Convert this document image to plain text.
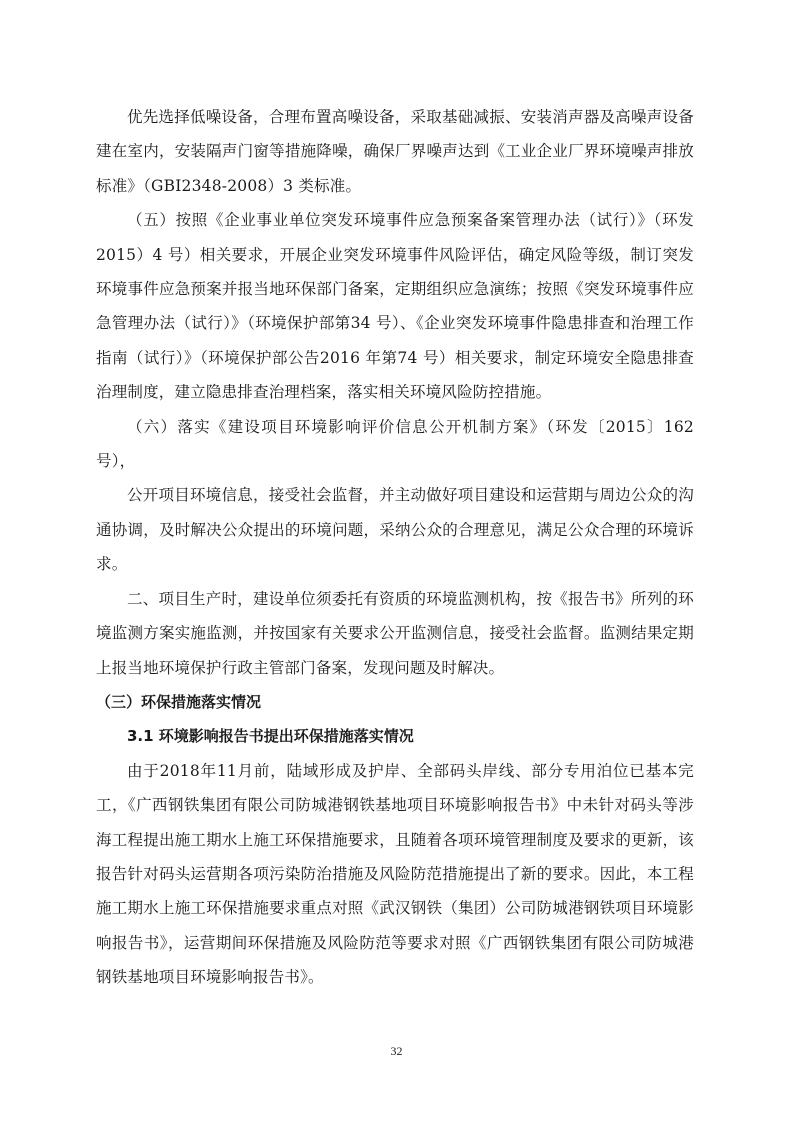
优先选择低噪设备，合理布置高噪设备，采取基础减振、安装消声器及高噪声设备建在室内，安装隔声门窗等措施降噪，确保厂界噪声达到《工业企业厂界环境噪声排放标准》（GBI2348-2008）3 类标准。

（五）按照《企业事业单位突发环境事件应急预案备案管理办法（试行）》（环发2015）4 号）相关要求，开展企业突发环境事件风险评估，确定风险等级，制订突发环境事件应急预案并报当地环保部门备案，定期组织应急演练；按照《突发环境事件应急管理办法（试行）》（环境保护部第34 号）、《企业突发环境事件隐患排查和治理工作指南（试行）》（环境保护部公告2016 年第74 号）相关要求，制定环境安全隐患排查治理制度，建立隐患排查治理档案，落实相关环境风险防控措施。

（六）落实《建设项目环境影响评价信息公开机制方案》（环发〔2015〕162 号），

公开项目环境信息，接受社会监督，并主动做好项目建设和运营期与周边公众的沟通协调，及时解决公众提出的环境问题，采纳公众的合理意见，满足公众合理的环境诉求。

二、项目生产时，建设单位须委托有资质的环境监测机构，按《报告书》所列的环境监测方案实施监测，并按国家有关要求公开监测信息，接受社会监督。监测结果定期上报当地环境保护行政主管部门备案，发现问题及时解决。

（三）环保措施落实情况

3.1 环境影响报告书提出环保措施落实情况

由于2018年11月前，陆域形成及护岸、全部码头岸线、部分专用泊位已基本完工，《广西钢铁集团有限公司防城港钢铁基地项目环境影响报告书》中未针对码头等涉海工程提出施工期水上施工环保措施要求，且随着各项环境管理制度及要求的更新，该报告针对码头运营期各项污染防治措施及风险防范措施提出了新的要求。因此，本工程施工期水上施工环保措施要求重点对照《武汉钢铁（集团）公司防城港钢铁项目环境影响报告书》，运营期间环保措施及风险防范等要求对照《广西钢铁集团有限公司防城港钢铁基地项目环境影响报告书》。

32
